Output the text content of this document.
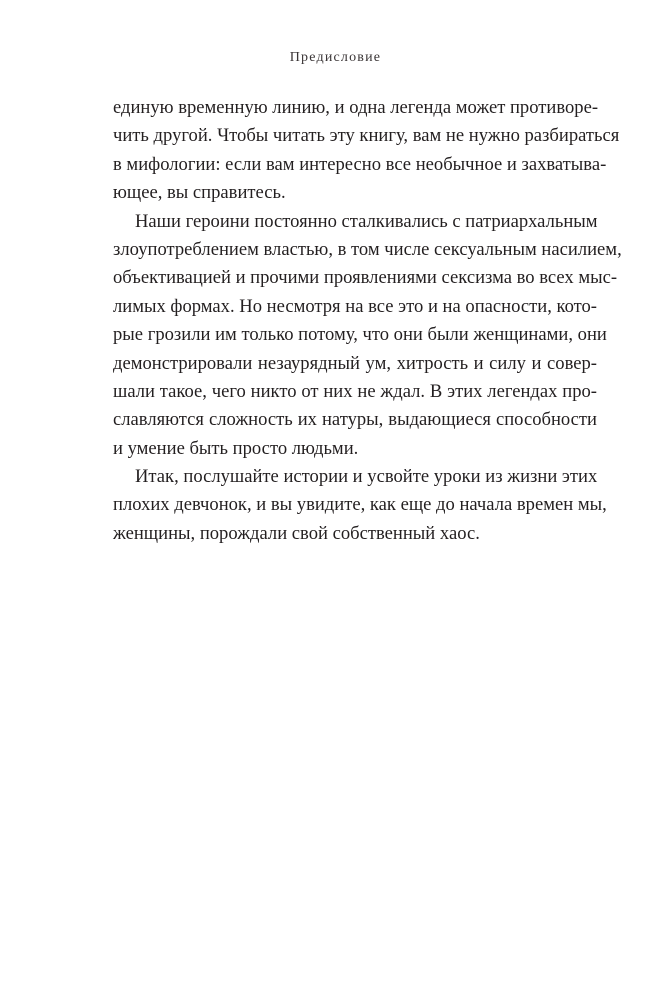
Предисловие
единую временную линию, и одна легенда может противоре-
чить другой. Чтобы читать эту книгу, вам не нужно разбираться
в мифологии: если вам интересно все необычное и захватыва-
ющее, вы справитесь.
Наши героини постоянно сталкивались с патриархальным
злоупотреблением властью, в том числе сексуальным насилием,
объективацией и прочими проявлениями сексизма во всех мыс-
лимых формах. Но несмотря на все это и на опасности, кото-
рые грозили им только потому, что они были женщинами, они
демонстрировали незаурядный ум, хитрость и силу и совер-
шали такое, чего никто от них не ждал. В этих легендах про-
славляются сложность их натуры, выдающиеся способности
и умение быть просто людьми.
Итак, послушайте истории и усвойте уроки из жизни этих
плохих девчонок, и вы увидите, как еще до начала времен мы,
женщины, порождали свой собственный хаос.
